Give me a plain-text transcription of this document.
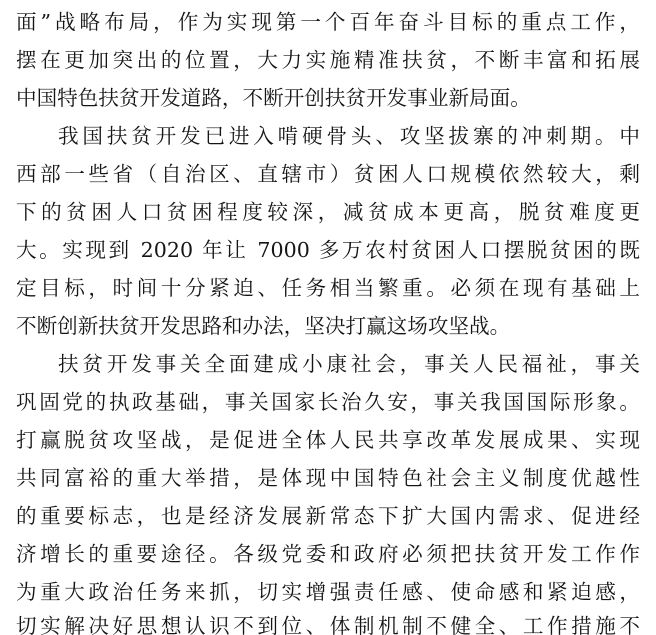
面”战略布局，作为实现第一个百年奋斗目标的重点工作，
摆在更加突出的位置，大力实施精准扶贫，不断丰富和拓展
中国特色扶贫开发道路，不断开创扶贫开发事业新局面。
我国扶贫开发已进入啃硬骨头、攻坚拔寨的冲刺期。中
西部一些省（自治区、直辖市）贫困人口规模依然较大，剩
下的贫困人口贫困程度较深，减贫成本更高，脱贫难度更
大。实现到 2020 年让 7000 多万农村贫困人口摆脱贫困的既
定目标，时间十分紧迫、任务相当繁重。必须在现有基础上
不断创新扶贫开发思路和办法，坚决打赢这场攻坚战。
扶贫开发事关全面建成小康社会，事关人民福祉，事关
巩固党的执政基础，事关国家长治久安，事关我国国际形象。
打赢脱贫攻坚战，是促进全体人民共享改革发展成果、实现
共同富裕的重大举措，是体现中国特色社会主义制度优越性
的重要标志，也是经济发展新常态下扩大国内需求、促进经
济增长的重要途径。各级党委和政府必须把扶贫开发工作作
为重大政治任务来抓，切实增强责任感、使命感和紧迫感，
切实解决好思想认识不到位、体制机制不健全、工作措施不
